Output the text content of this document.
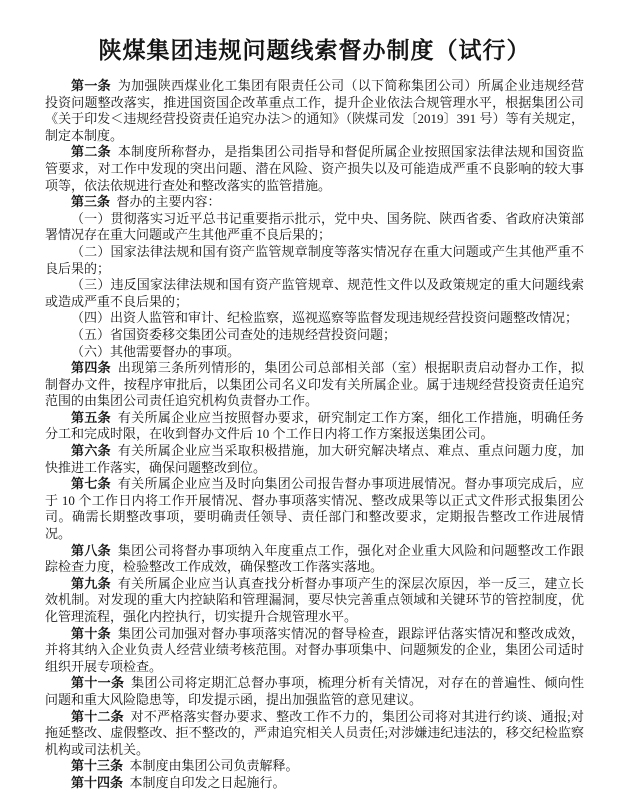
陕煤集团违规问题线索督办制度（试行）

第一条 为加强陕西煤业化工集团有限责任公司（以下简称集团公司）所属企业违规经营投资问题整改落实，推进国资国企改革重点工作，提升企业依法合规管理水平，根据集团公司《关于印发＜违规经营投资责任追究办法＞的通知》（陕煤司发〔2019〕391 号）等有关规定，制定本制度。

第二条 本制度所称督办，是指集团公司指导和督促所属企业按照国家法律法规和国资监管要求，对工作中发现的突出问题、潜在风险、资产损失以及可能造成严重不良影响的较大事项等，依法依规进行查处和整改落实的监管措施。

第三条 督办的主要内容：

（一）贯彻落实习近平总书记重要指示批示，党中央、国务院、陕西省委、省政府决策部署情况存在重大问题或产生其他严重不良后果的；

（二）国家法律法规和国有资产监管规章制度等落实情况存在重大问题或产生其他严重不良后果的；

（三）违反国家法律法规和国有资产监管规章、规范性文件以及政策规定的重大问题线索或造成严重不良后果的；

（四）出资人监管和审计、纪检监察，巡视巡察等监督发现违规经营投资问题整改情况；

（五）省国资委移交集团公司查处的违规经营投资问题；

（六）其他需要督办的事项。

第四条 出现第三条所列情形的，集团公司总部相关部（室）根据职责启动督办工作，拟制督办文件，按程序审批后，以集团公司名义印发有关所属企业。属于违规经营投资责任追究范围的由集团公司责任追究机构负责督办工作。

第五条 有关所属企业应当按照督办要求，研究制定工作方案，细化工作措施，明确任务分工和完成时限，在收到督办文件后 10 个工作日内将工作方案报送集团公司。

第六条 有关所属企业应当采取积极措施，加大研究解决堵点、难点、重点问题力度，加快推进工作落实，确保问题整改到位。

第七条 有关所属企业应当及时向集团公司报告督办事项进展情况。督办事项完成后，应于 10 个工作日内将工作开展情况、督办事项落实情况、整改成果等以正式文件形式报集团公司。确需长期整改事项，要明确责任领导、责任部门和整改要求，定期报告整改工作进展情况。

第八条 集团公司将督办事项纳入年度重点工作，强化对企业重大风险和问题整改工作跟踪检查力度，检验整改工作成效，确保整改工作落实落地。

第九条 有关所属企业应当认真查找分析督办事项产生的深层次原因，举一反三，建立长效机制。对发现的重大内控缺陷和管理漏洞，要尽快完善重点领域和关键环节的管控制度，优化管理流程，强化内控执行，切实提升合规管理水平。

第十条 集团公司加强对督办事项落实情况的督导检查，跟踪评估落实情况和整改成效，并将其纳入企业负责人经营业绩考核范围。对督办事项集中、问题频发的企业，集团公司适时组织开展专项检查。

第十一条 集团公司将定期汇总督办事项，梳理分析有关情况，对存在的普遍性、倾向性问题和重大风险隐患等，印发提示函，提出加强监管的意见建议。

第十二条 对不严格落实督办要求、整改工作不力的，集团公司将对其进行约谈、通报;对拖延整改、虚假整改、拒不整改的，严肃追究相关人员责任;对涉嫌违纪违法的，移交纪检监察机构或司法机关。

第十三条 本制度由集团公司负责解释。

第十四条 本制度自印发之日起施行。
